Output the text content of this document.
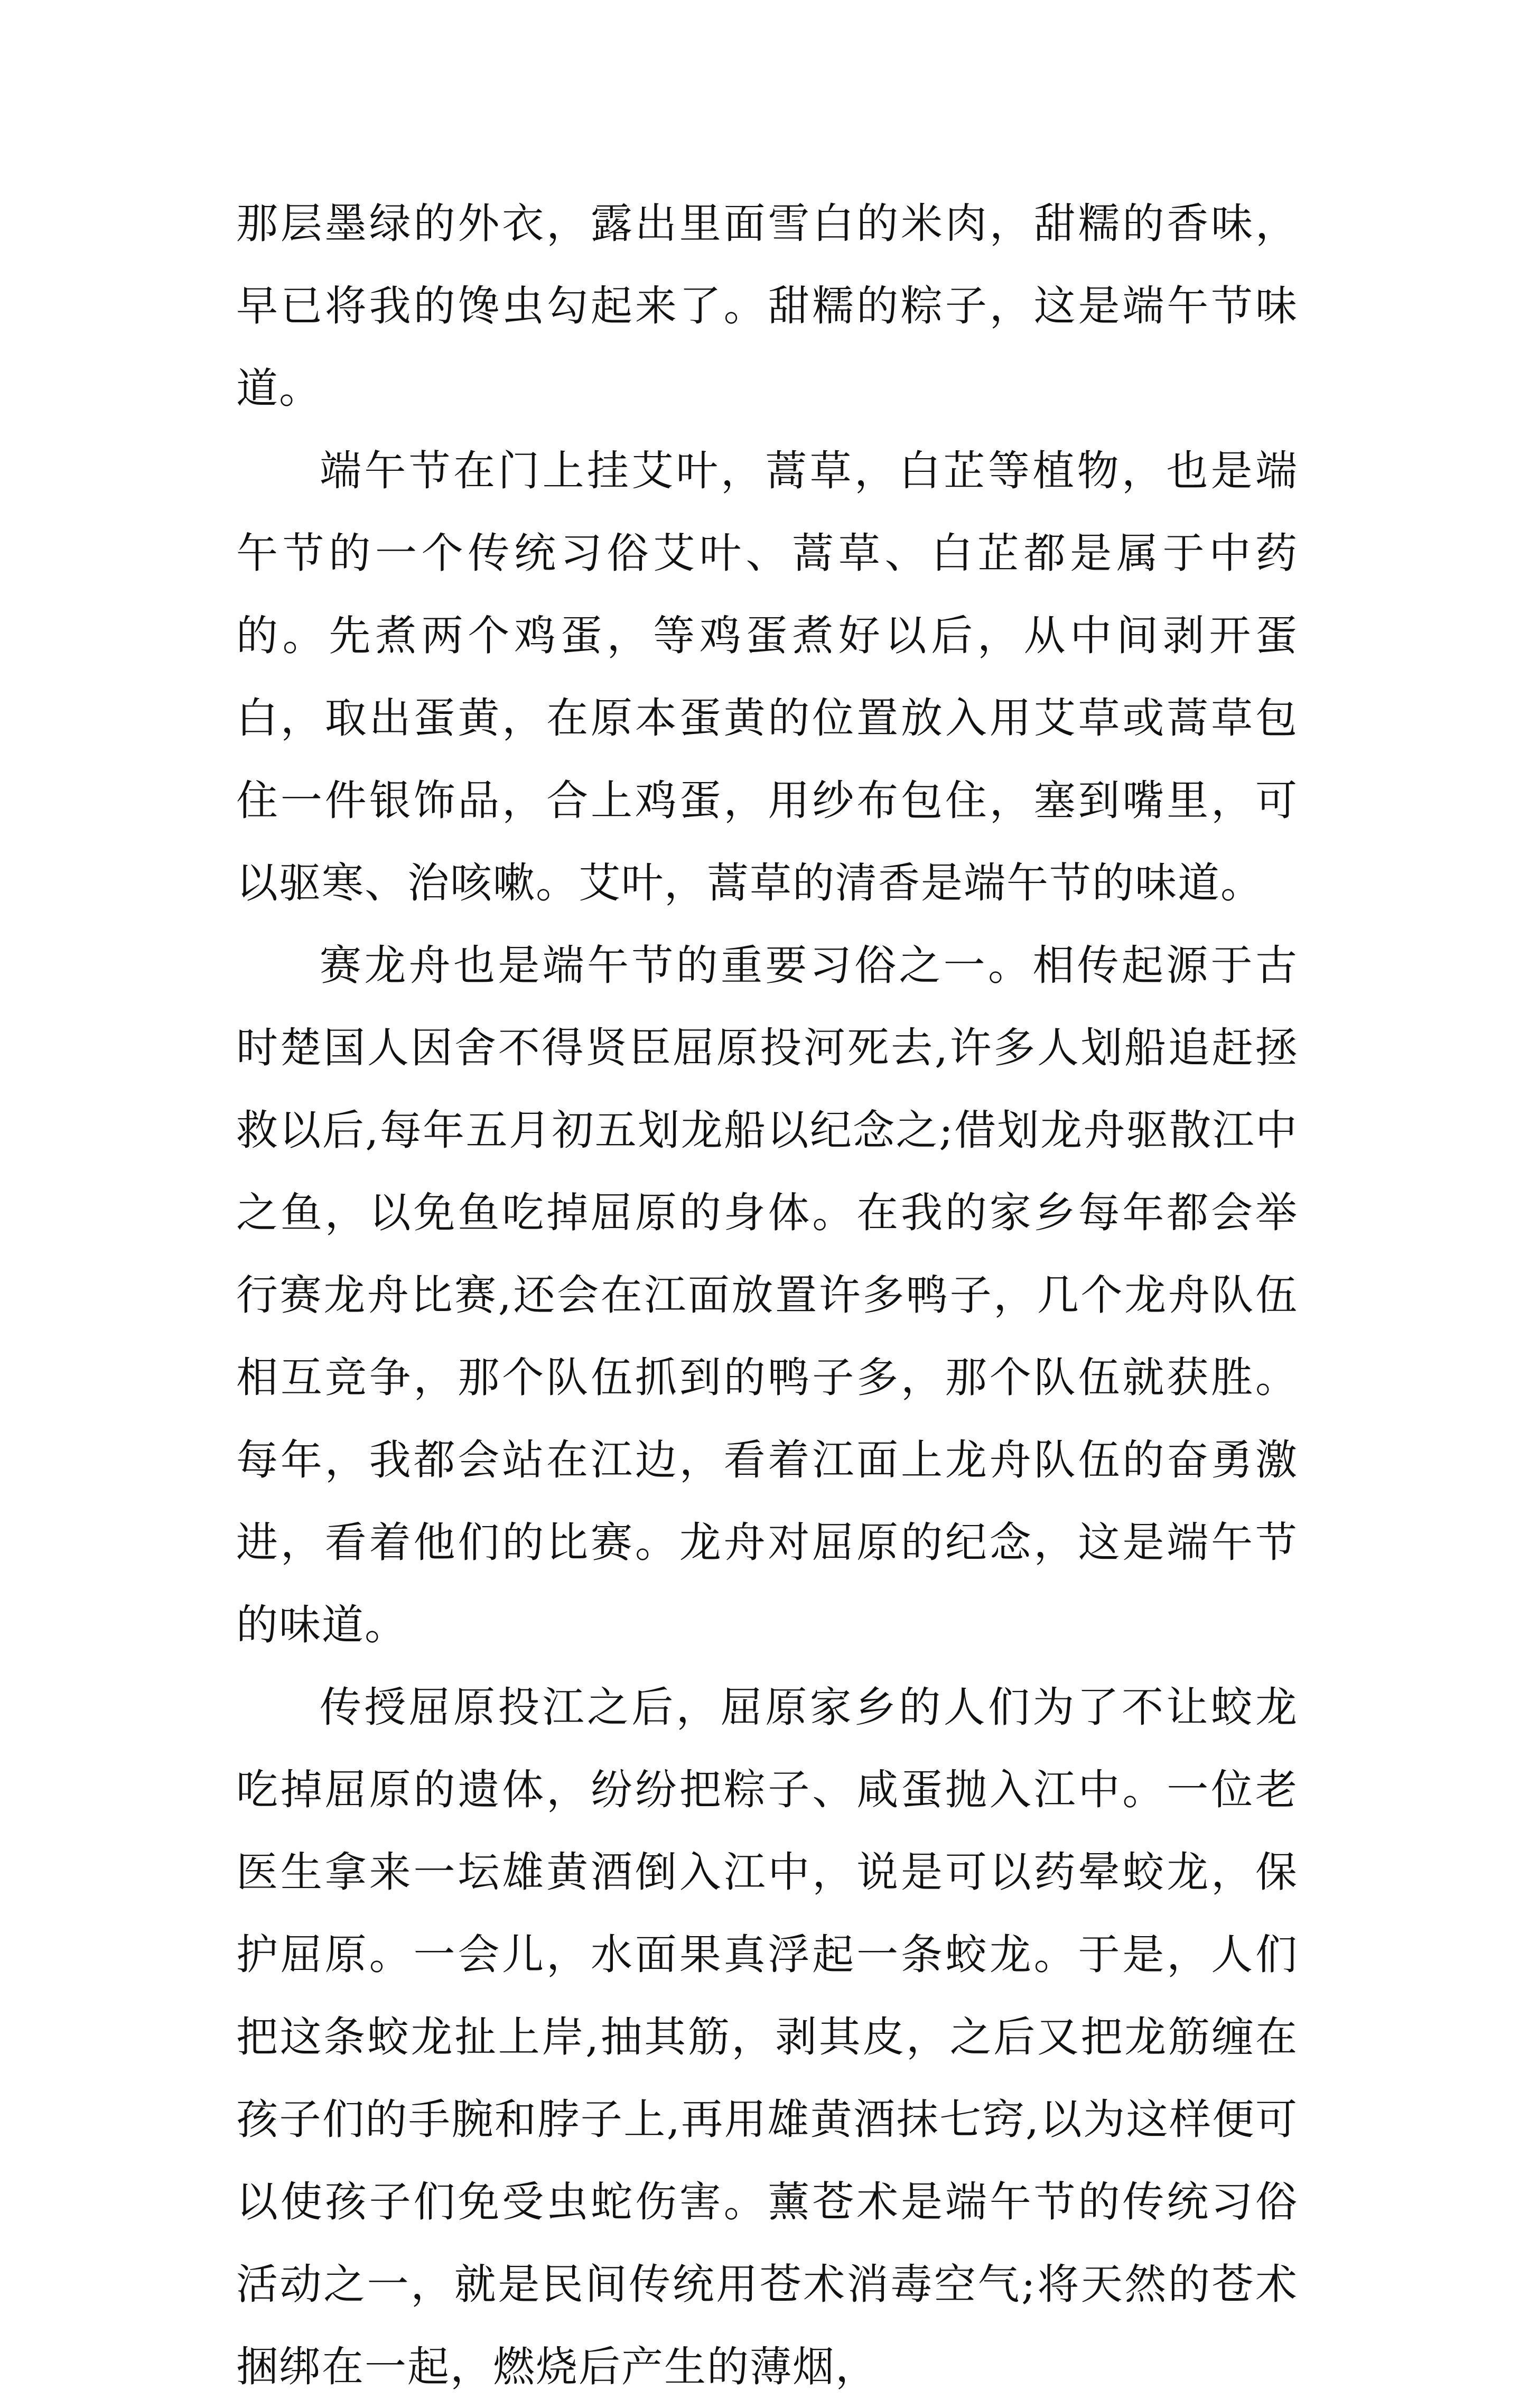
那层墨绿的外衣，露出里面雪白的米肉，甜糯的香味，早已将我的馋虫勾起来了。甜糯的粽子，这是端午节味道。

端午节在门上挂艾叶，蒿草，白芷等植物，也是端午节的一个传统习俗艾叶、蒿草、白芷都是属于中药的。先煮两个鸡蛋，等鸡蛋煮好以后，从中间剥开蛋白，取出蛋黄，在原本蛋黄的位置放入用艾草或蒿草包住一件银饰品，合上鸡蛋，用纱布包住，塞到嘴里，可以驱寒、治咳嗽。艾叶，蒿草的清香是端午节的味道。

赛龙舟也是端午节的重要习俗之一。相传起源于古时楚国人因舍不得贤臣屈原投河死去,许多人划船追赶拯救以后,每年五月初五划龙船以纪念之;借划龙舟驱散江中之鱼，以免鱼吃掉屈原的身体。在我的家乡每年都会举行赛龙舟比赛,还会在江面放置许多鸭子，几个龙舟队伍相互竞争，那个队伍抓到的鸭子多，那个队伍就获胜。每年，我都会站在江边，看着江面上龙舟队伍的奋勇激进，看着他们的比赛。龙舟对屈原的纪念，这是端午节的味道。

传授屈原投江之后，屈原家乡的人们为了不让蛟龙吃掉屈原的遗体，纷纷把粽子、咸蛋抛入江中。一位老医生拿来一坛雄黄酒倒入江中，说是可以药晕蛟龙，保护屈原。一会儿，水面果真浮起一条蛟龙。于是，人们把这条蛟龙扯上岸,抽其筋，剥其皮，之后又把龙筋缠在孩子们的手腕和脖子上,再用雄黄酒抹七窍,以为这样便可以使孩子们免受虫蛇伤害。薰苍术是端午节的传统习俗活动之一，就是民间传统用苍术消毒空气;将天然的苍术捆绑在一起，燃烧后产生的薄烟，
